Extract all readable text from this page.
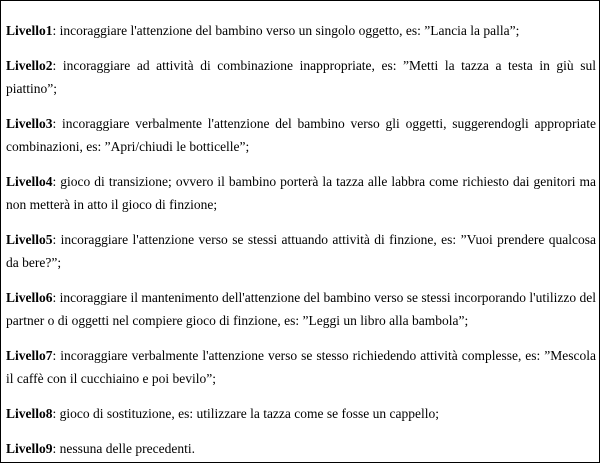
Livello1: incoraggiare l'attenzione del bambino verso un singolo oggetto, es: ”Lancia la palla”;

Livello2: incoraggiare ad attività di combinazione inappropriate, es: ”Metti la tazza a testa in giù sul piattino”;

Livello3: incoraggiare verbalmente l'attenzione del bambino verso gli oggetti, suggerendogli appropriate combinazioni, es: ”Apri/chiudi le botticelle”;

Livello4: gioco di transizione; ovvero il bambino porterà la tazza alle labbra come richiesto dai genitori ma non metterà in atto il gioco di finzione;

Livello5: incoraggiare l'attenzione verso se stessi attuando attività di finzione, es: ”Vuoi prendere qualcosa da bere?”;

Livello6: incoraggiare il mantenimento dell'attenzione del bambino verso se stessi incorporando l'utilizzo del partner o di oggetti nel compiere gioco di finzione, es: ”Leggi un libro alla bambola”;

Livello7: incoraggiare verbalmente l'attenzione verso se stesso richiedendo attività complesse, es: ”Mescola il caffè con il cucchiaino e poi bevilo”;

Livello8: gioco di sostituzione, es: utilizzare la tazza come se fosse un cappello;

Livello9: nessuna delle precedenti.
